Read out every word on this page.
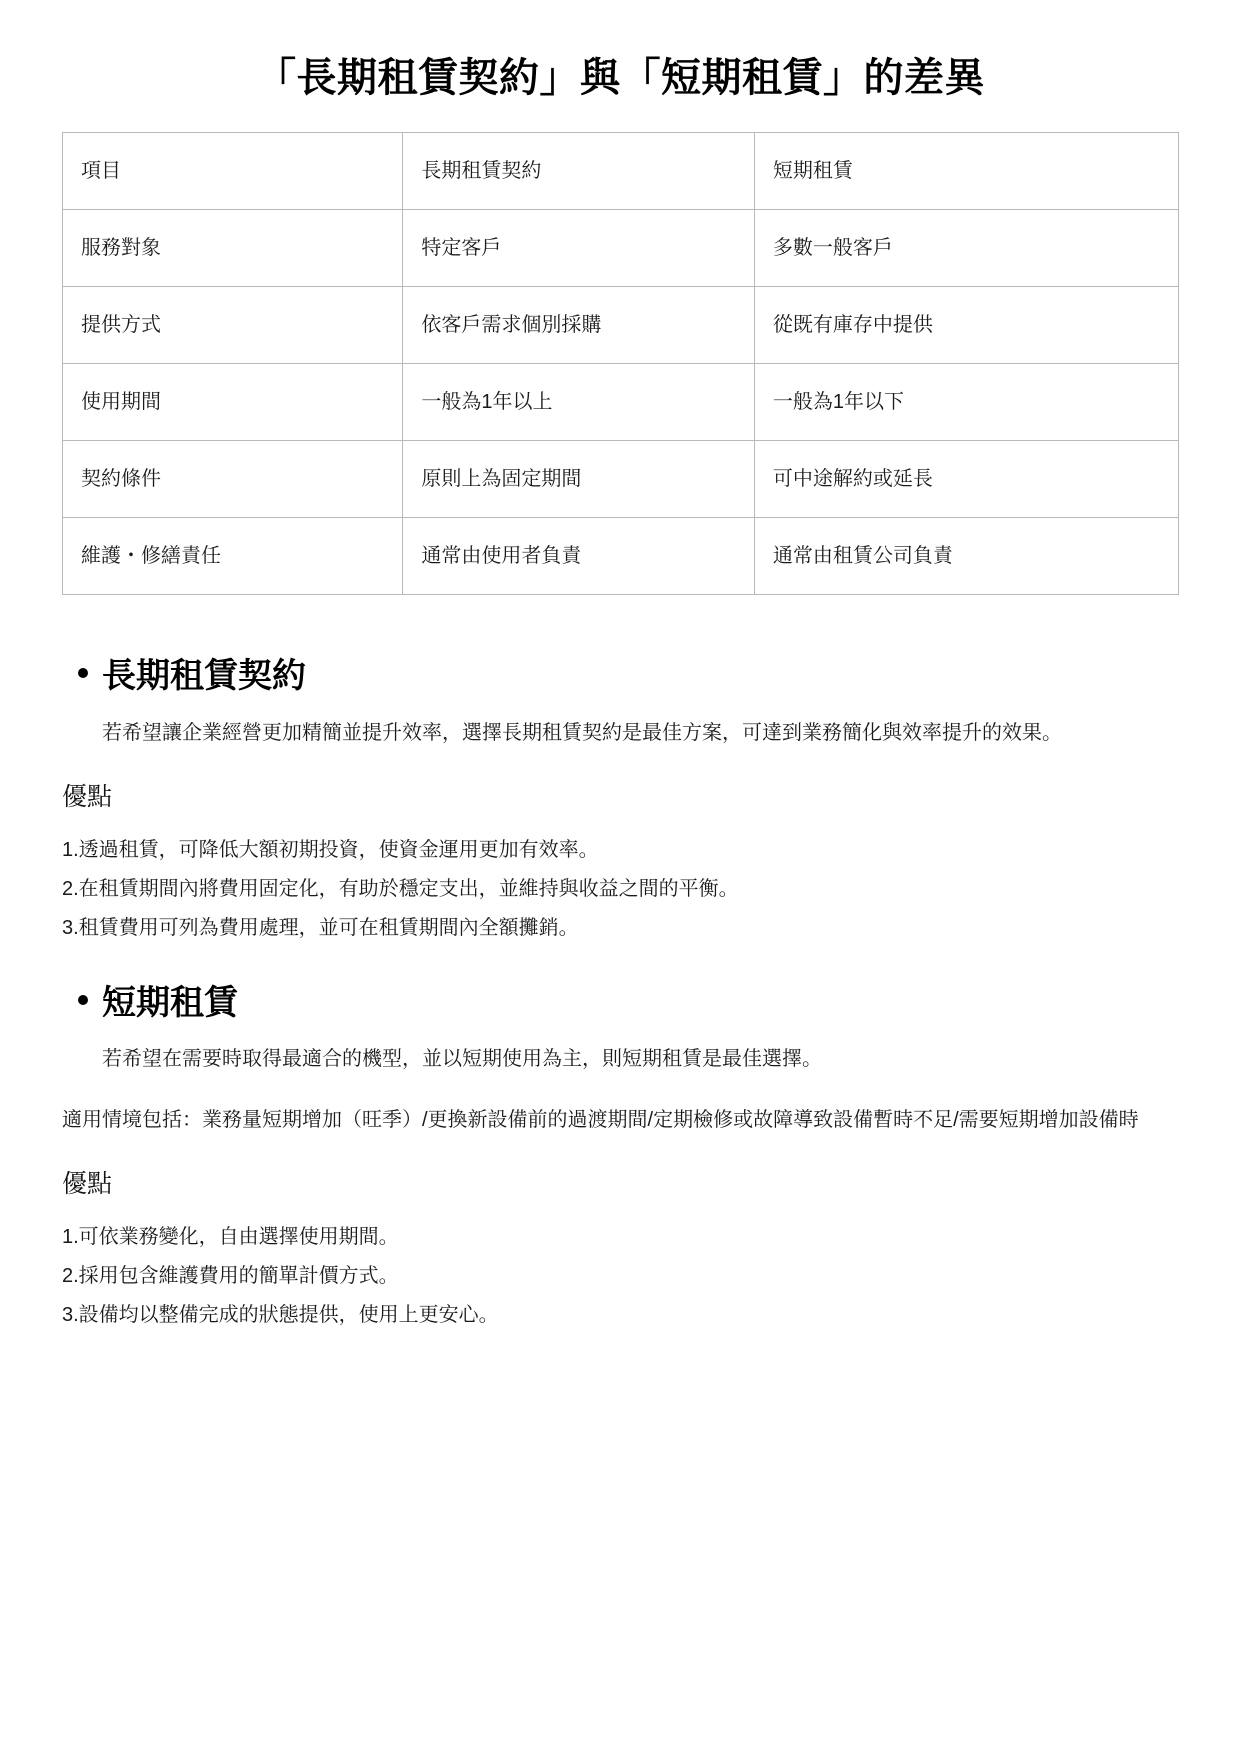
「長期租賃契約」與「短期租賃」的差異
項目	長期租賃契約	短期租賃
服務對象	特定客戶	多數一般客戶
提供方式	依客戶需求個別採購	從既有庫存中提供
使用期間	一般為1年以上	一般為1年以下
契約條件	原則上為固定期間	可中途解約或延長
維護・修繕責任	通常由使用者負責	通常由租賃公司負責
長期租賃契約

若希望讓企業經營更加精簡並提升效率，選擇長期租賃契約是最佳方案，可達到業務簡化與效率提升的效果。

優點
1.透過租賃，可降低大額初期投資，使資金運用更加有效率。
2.在租賃期間內將費用固定化，有助於穩定支出，並維持與收益之間的平衡。
3.租賃費用可列為費用處理，並可在租賃期間內全額攤銷。
短期租賃

若希望在需要時取得最適合的機型，並以短期使用為主，則短期租賃是最佳選擇。

適用情境包括：業務量短期增加（旺季）/更換新設備前的過渡期間/定期檢修或故障導致設備暫時不足/需要短期增加設備時

優點
1.可依業務變化，自由選擇使用期間。
2.採用包含維護費用的簡單計價方式。
3.設備均以整備完成的狀態提供，使用上更安心。
